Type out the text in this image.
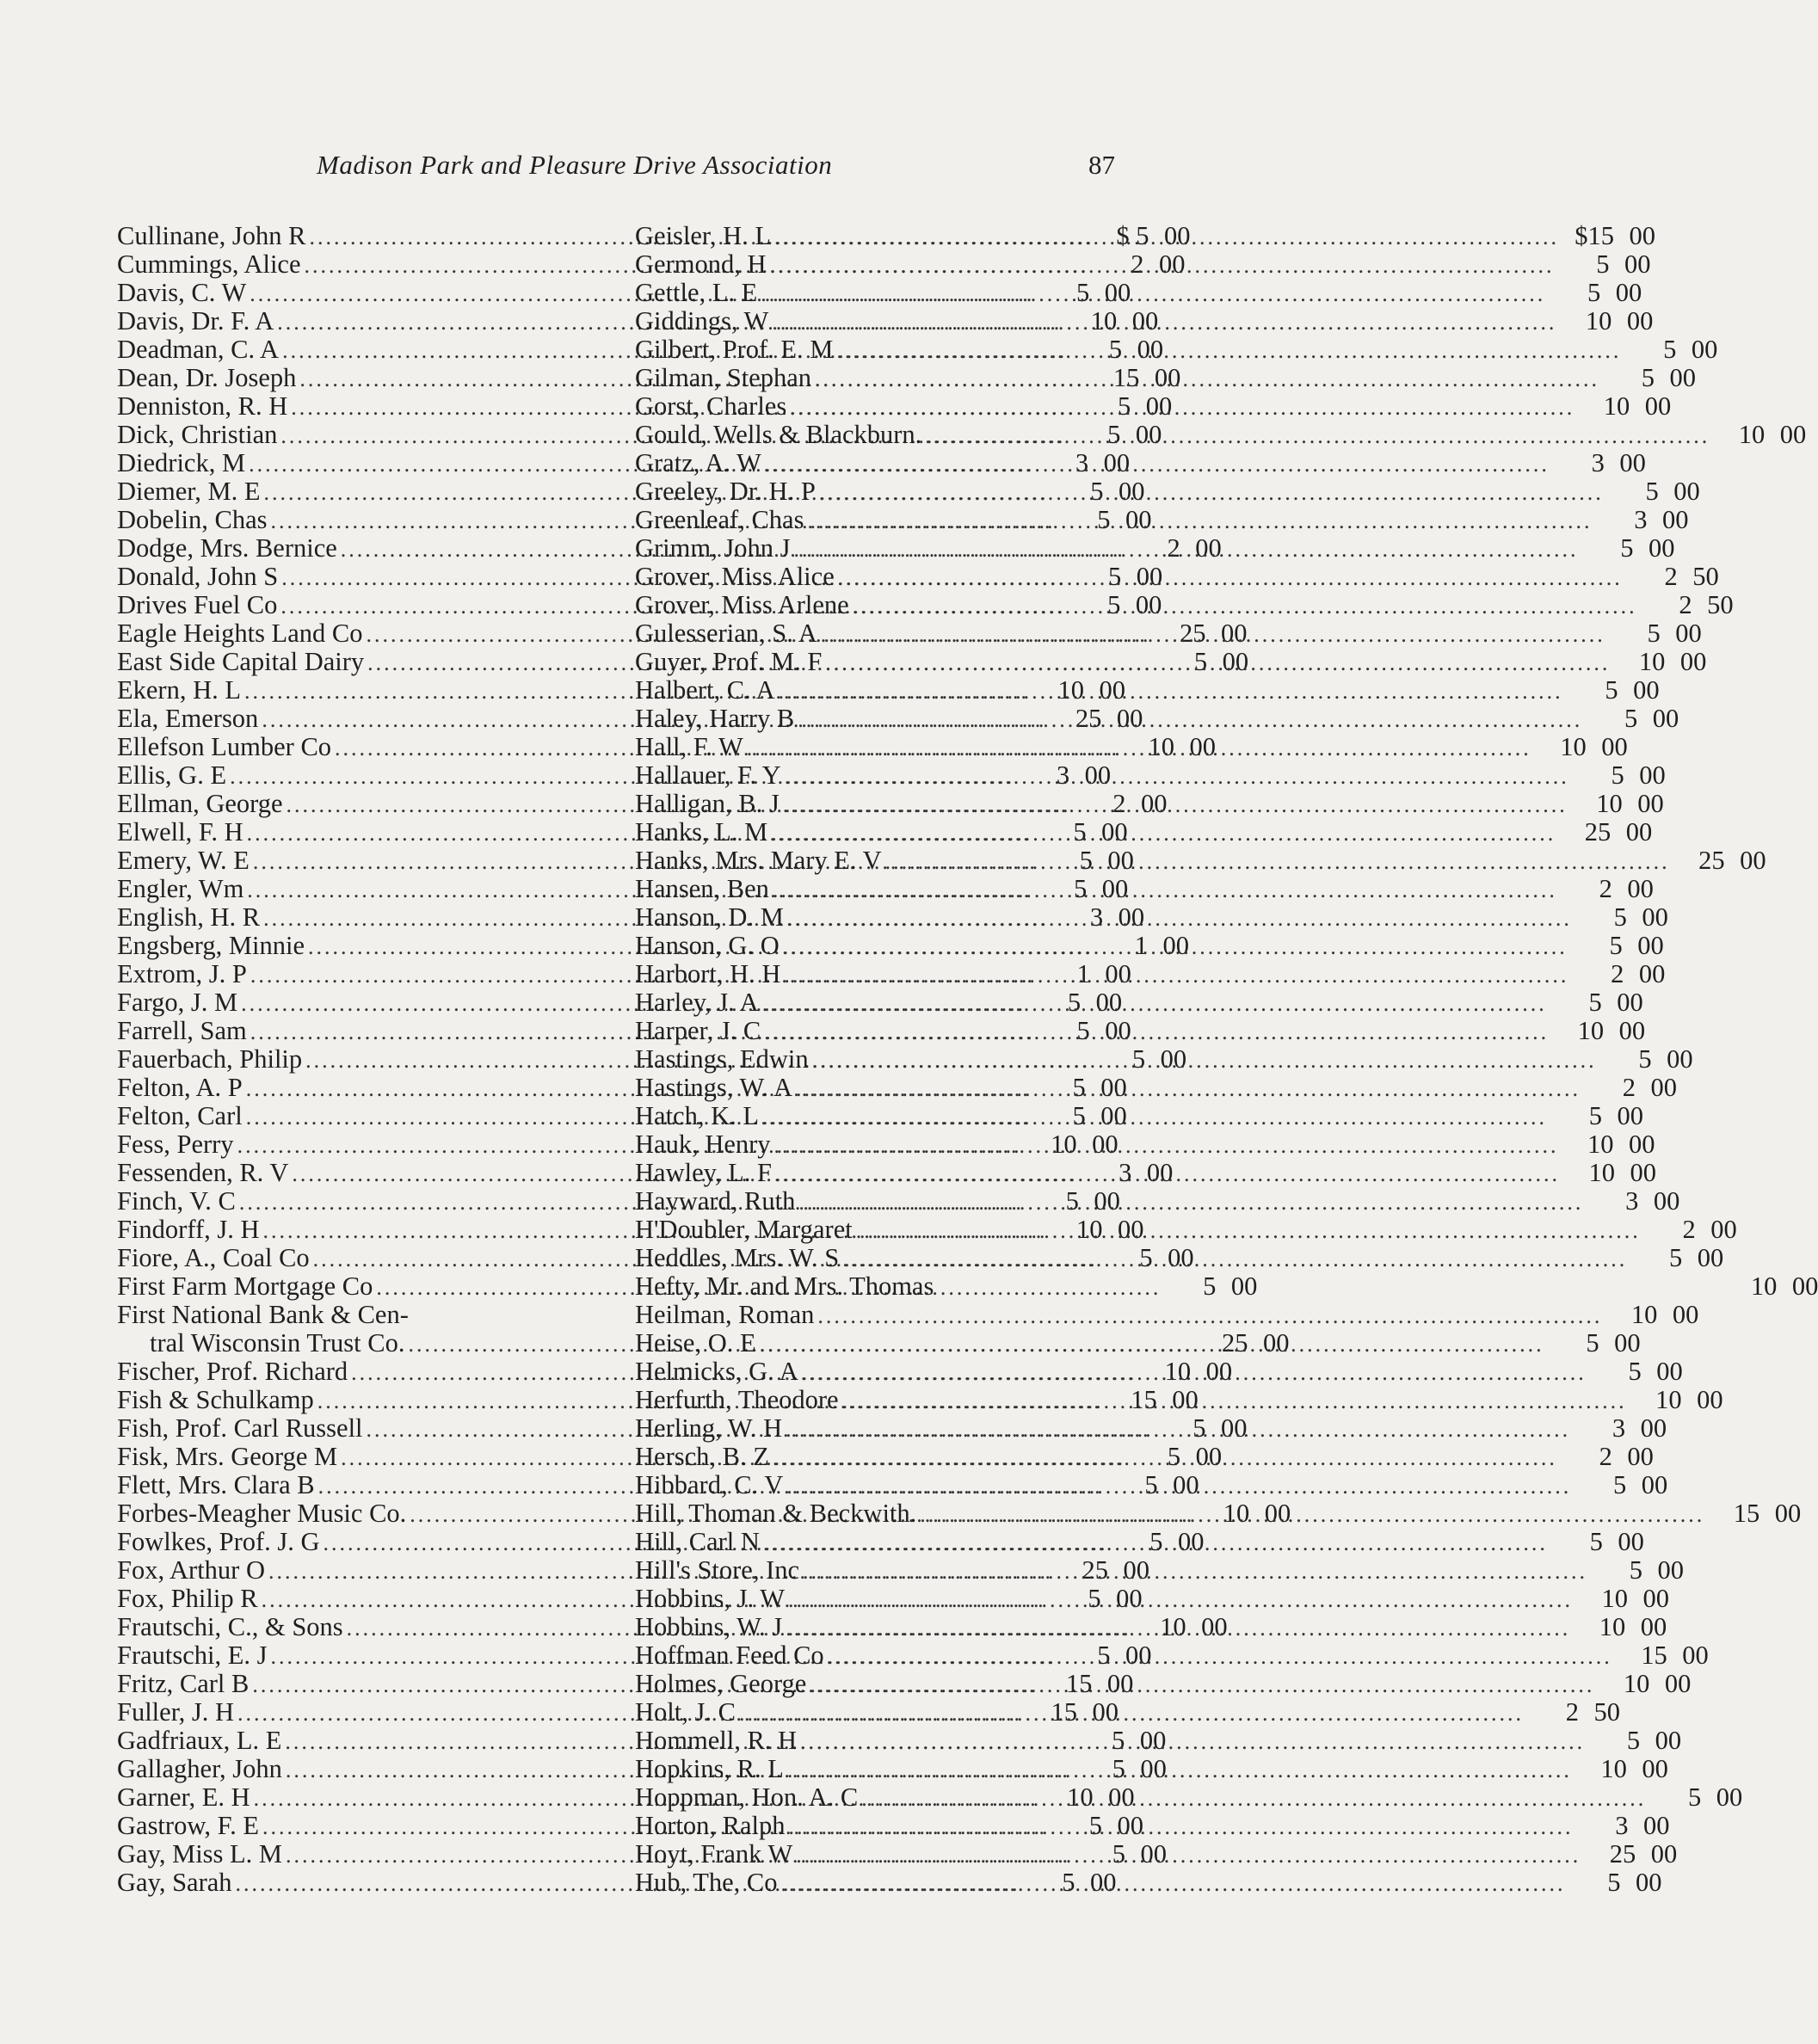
Madison Park and Pleasure Drive Association	87
Cullinane, John R .....	$ 5 00
Cummings, Alice .....	2 00
Davis, C. W .....	5 00
Davis, Dr. F. A .....	10 00
Deadman, C. A .....	5 00
Dean, Dr. Joseph .....	15 00
Denniston, R. H .....	5 00
Dick, Christian .....	5 00
Diedrick, M .....	3 00
Diemer, M. E .....	5 00
Dobelin, Chas .....	5 00
Dodge, Mrs. Bernice .....	2 00
Donald, John S .....	5 00
Drives Fuel Co .....	5 00
Eagle Heights Land Co .....	25 00
East Side Capital Dairy .....	5 00
Ekern, H. L .....	10 00
Ela, Emerson .....	25 00
Ellefson Lumber Co .....	10 00
Ellis, G. E .....	3 00
Ellman, George .....	2 00
Elwell, F. H .....	5 00
Emery, W. E .....	5 00
Engler, Wm .....	5 00
English, H. R .....	3 00
Engsberg, Minnie .....	1 00
Extrom, J. P .....	1 00
Fargo, J. M .....	5 00
Farrell, Sam .....	5 00
Fauerbach, Philip .....	5 00
Felton, A. P .....	5 00
Felton, Carl .....	5 00
Fess, Perry .....	10 00
Fessenden, R. V .....	3 00
Finch, V. C .....	5 00
Findorff, J. H .....	10 00
Fiore, A., Coal Co .....	5 00
First Farm Mortgage Co .....	5 00
First National Bank & Cen-
tral Wisconsin Trust Co. .....	25 00
Fischer, Prof. Richard .....	10 00
Fish & Schulkamp .....	15 00
Fish, Prof. Carl Russell .....	5 00
Fisk, Mrs. George M .....	5 00
Flett, Mrs. Clara B .....	5 00
Forbes-Meagher Music Co. .....	10 00
Fowlkes, Prof. J. G .....	5 00
Fox, Arthur O .....	25 00
Fox, Philip R .....	5 00
Frautschi, C., & Sons .....	10 00
Frautschi, E. J .....	5 00
Fritz, Carl B .....	15 00
Fuller, J. H .....	15 00
Gadfriaux, L. E .....	5 00
Gallagher, John .....	5 00
Garner, E. H .....	10 00
Gastrow, F. E .....	5 00
Gay, Miss L. M .....	5 00
Gay, Sarah .....	5 00
Geisler, H. L .....	$15 00
Germond, H .....	5 00
Gettle, L. E .....	5 00
Giddings, W .....	10 00
Gilbert, Prof. E. M .....	5 00
Gilman, Stephan .....	5 00
Gorst, Charles .....	10 00
Gould, Wells & Blackburn. .....	10 00
Gratz, A. W .....	3 00
Greeley, Dr. H. P .....	5 00
Greenleaf, Chas .....	3 00
Grimm, John J .....	5 00
Grover, Miss Alice .....	2 50
Grover, Miss Arlene .....	2 50
Gulesserian, S. A .....	5 00
Guyer, Prof. M. F .....	10 00
Halbert, C. A .....	5 00
Haley, Harry B .....	5 00
Hall, F. W .....	10 00
Hallauer, F. Y .....	5 00
Halligan, B. J .....	10 00
Hanks, L. M .....	25 00
Hanks, Mrs. Mary E. V .....	25 00
Hansen, Ben .....	2 00
Hanson, D. M .....	5 00
Hanson, G. O .....	5 00
Harbort, H. H .....	2 00
Harley, J. A .....	5 00
Harper, J. C .....	10 00
Hastings, Edwin .....	5 00
Hastings, W. A .....	2 00
Hatch, K. L .....	5 00
Hauk, Henry .....	10 00
Hawley, L. F .....	10 00
Hayward, Ruth .....	3 00
H'Doubler, Margaret .....	2 00
Heddles, Mrs. W. S .....	5 00
Hefty, Mr. and Mrs. Thomas	10 00
Heilman, Roman .....	10 00
Heise, O. E .....	5 00
Helmicks, G. A .....	5 00
Herfurth, Theodore .....	10 00
Herling, W. H .....	3 00
Hersch, B. Z .....	2 00
Hibbard, C. V .....	5 00
Hill, Thoman & Beckwith. .....	15 00
Hill, Carl N .....	5 00
Hill's Store, Inc .....	5 00
Hobbins, J. W .....	10 00
Hobbins, W. J .....	10 00
Hoffman Feed Co .....	15 00
Holmes, George .....	10 00
Holt, J. C .....	2 50
Hommell, R. H .....	5 00
Hopkins, R. L .....	10 00
Hoppman, Hon. A. C .....	5 00
Horton, Ralph .....	3 00
Hoyt, Frank W .....	25 00
Hub, The, Co .....	5 00
